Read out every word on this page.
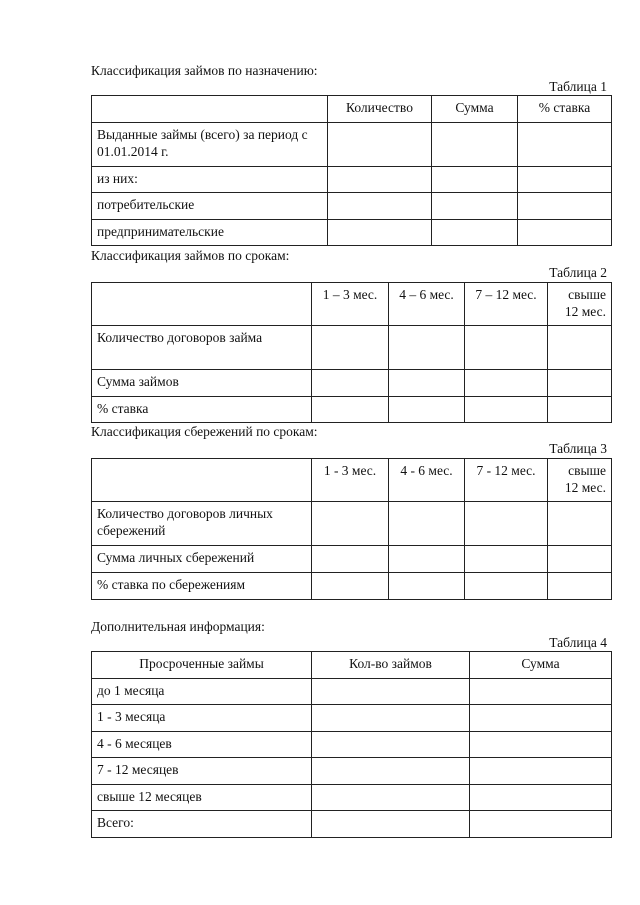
Классификация займов по назначению:
Таблица 1
	Количество	Сумма	% ставка
Выданные займы (всего) за период с 01.01.2014 г.			
из них:			
потребительские			
предпринимательские			
Классификация займов по срокам:
Таблица 2
	1 – 3 мес.	4 – 6 мес.	7 – 12 мес.	свыше 12 мес.
Количество договоров займа				
Сумма займов				
% ставка				
Классификация сбережений по срокам:
Таблица 3
	1 - 3 мес.	4 - 6 мес.	7 - 12 мес.	свыше 12 мес.
Количество договоров личных сбережений				
Сумма личных сбережений				
% ставка по сбережениям				
Дополнительная информация:
Таблица 4
Просроченные займы	Кол-во займов	Сумма
до 1 месяца		
1 - 3 месяца		
4 - 6 месяцев		
7 - 12 месяцев		
свыше 12 месяцев		
Всего:		
